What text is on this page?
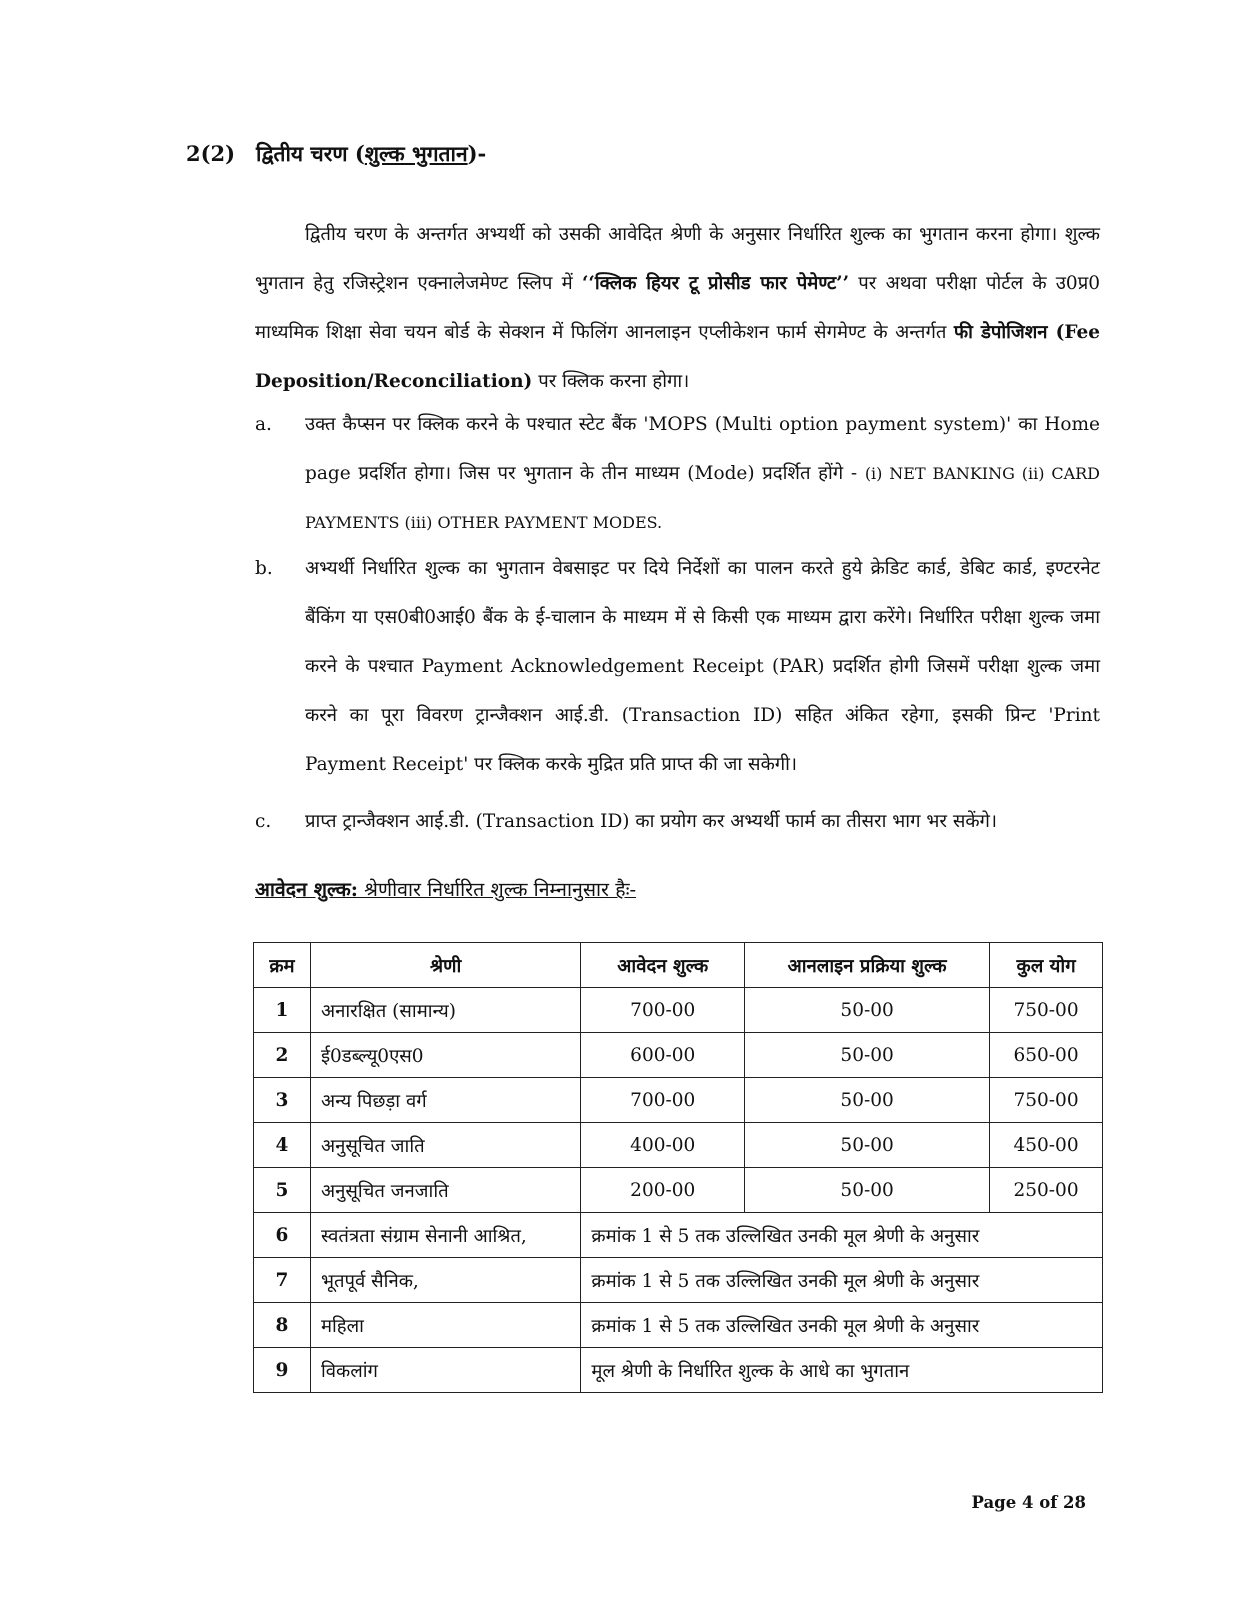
2(2) द्वितीय चरण (शुल्क भुगतान)-
द्वितीय चरण के अन्तर्गत अभ्यर्थी को उसकी आवेदित श्रेणी के अनुसार निर्धारित शुल्क का भुगतान करना होगा। शुल्क भुगतान हेतु रजिस्ट्रेशन एक्नालेजमेण्ट स्लिप में ‘‘क्लिक हियर टू प्रोसीड फार पेमेण्ट’’ पर अथवा परीक्षा पोर्टल के उ0प्र0 माध्यमिक शिक्षा सेवा चयन बोर्ड के सेक्शन में फिलिंग आनलाइन एप्लीकेशन फार्म सेगमेण्ट के अन्तर्गत फी डेपोजिशन (Fee Deposition/Reconciliation) पर क्लिक करना होगा।
a. उक्त कैप्सन पर क्लिक करने के पश्चात स्टेट बैंक 'MOPS (Multi option payment system)' का Home page प्रदर्शित होगा। जिस पर भुगतान के तीन माध्यम (Mode) प्रदर्शित होंगे - (i) NET BANKING (ii) CARD PAYMENTS (iii) OTHER PAYMENT MODES.
b. अभ्यर्थी निर्धारित शुल्क का भुगतान वेबसाइट पर दिये निर्देशों का पालन करते हुये क्रेडिट कार्ड, डेबिट कार्ड, इण्टरनेट बैंकिंग या एस0बी0आई0 बैंक के ई-चालान के माध्यम में से किसी एक माध्यम द्वारा करेंगे। निर्धारित परीक्षा शुल्क जमा करने के पश्चात Payment Acknowledgement Receipt (PAR) प्रदर्शित होगी जिसमें परीक्षा शुल्क जमा करने का पूरा विवरण ट्रान्जैक्शन आई.डी. (Transaction ID) सहित अंकित रहेगा, इसकी प्रिन्ट 'Print Payment Receipt' पर क्लिक करके मुद्रित प्रति प्राप्त की जा सकेगी।
c. प्राप्त ट्रान्जैक्शन आई.डी. (Transaction ID) का प्रयोग कर अभ्यर्थी फार्म का तीसरा भाग भर सकेंगे।
आवेदन शुल्क: श्रेणीवार निर्धारित शुल्क निम्नानुसार हैः-
क्रम	श्रेणी	आवेदन शुल्क	आनलाइन प्रक्रिया शुल्क	कुल योग
1	अनारक्षित (सामान्य)	700-00	50-00	750-00
2	ई0डब्ल्यू0एस0	600-00	50-00	650-00
3	अन्य पिछड़ा वर्ग	700-00	50-00	750-00
4	अनुसूचित जाति	400-00	50-00	450-00
5	अनुसूचित जनजाति	200-00	50-00	250-00
6	स्वतंत्रता संग्राम सेनानी आश्रित,	क्रमांक 1 से 5 तक उल्लिखित उनकी मूल श्रेणी के अनुसार		
7	भूतपूर्व सैनिक,	क्रमांक 1 से 5 तक उल्लिखित उनकी मूल श्रेणी के अनुसार		
8	महिला	क्रमांक 1 से 5 तक उल्लिखित उनकी मूल श्रेणी के अनुसार		
9	विकलांग	मूल श्रेणी के निर्धारित शुल्क के आधे का भुगतान		
Page 4 of 28
